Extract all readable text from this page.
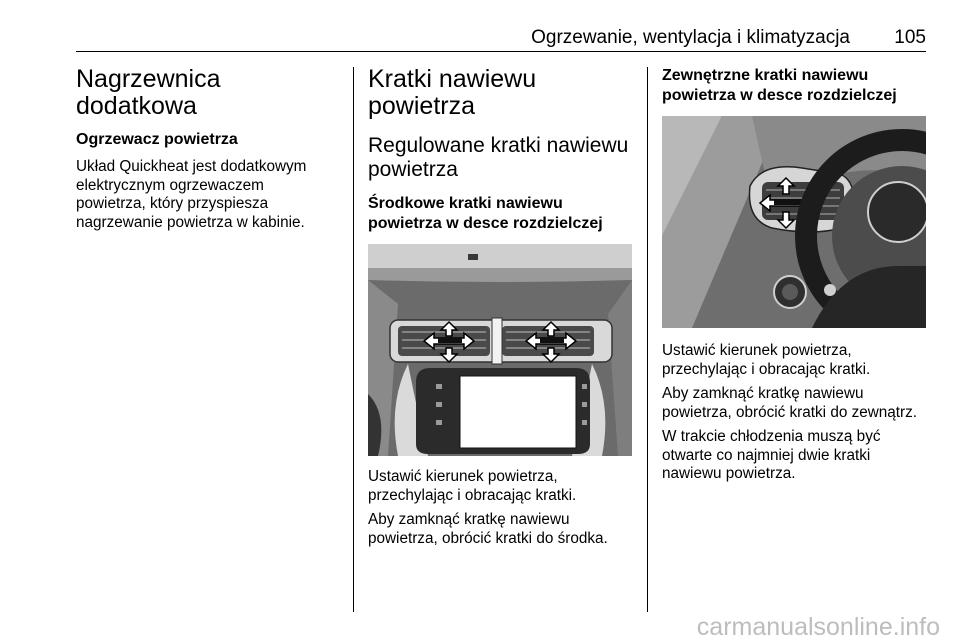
Ogrzewanie, wentylacja i klimatyzacja	105
Nagrzewnica dodatkowa
Ogrzewacz powietrza
Układ Quickheat jest dodatkowym
elektrycznym ogrzewaczem
powietrza, który przyspiesza
nagrzewanie powietrza w kabinie.
Kratki nawiewu
powietrza
Regulowane kratki nawiewu
powietrza
Środkowe kratki nawiewu
powietrza w desce rozdzielczej
Ustawić kierunek powietrza,
przechylając i obracając kratki.
Aby zamknąć kratkę nawiewu
powietrza, obrócić kratki do środka.
Zewnętrzne kratki nawiewu
powietrza w desce rozdzielczej
Ustawić kierunek powietrza,
przechylając i obracając kratki.
Aby zamknąć kratkę nawiewu
powietrza, obrócić kratki do zewnątrz.
W trakcie chłodzenia muszą być
otwarte co najmniej dwie kratki
nawiewu powietrza.
carmanualsonline.info
